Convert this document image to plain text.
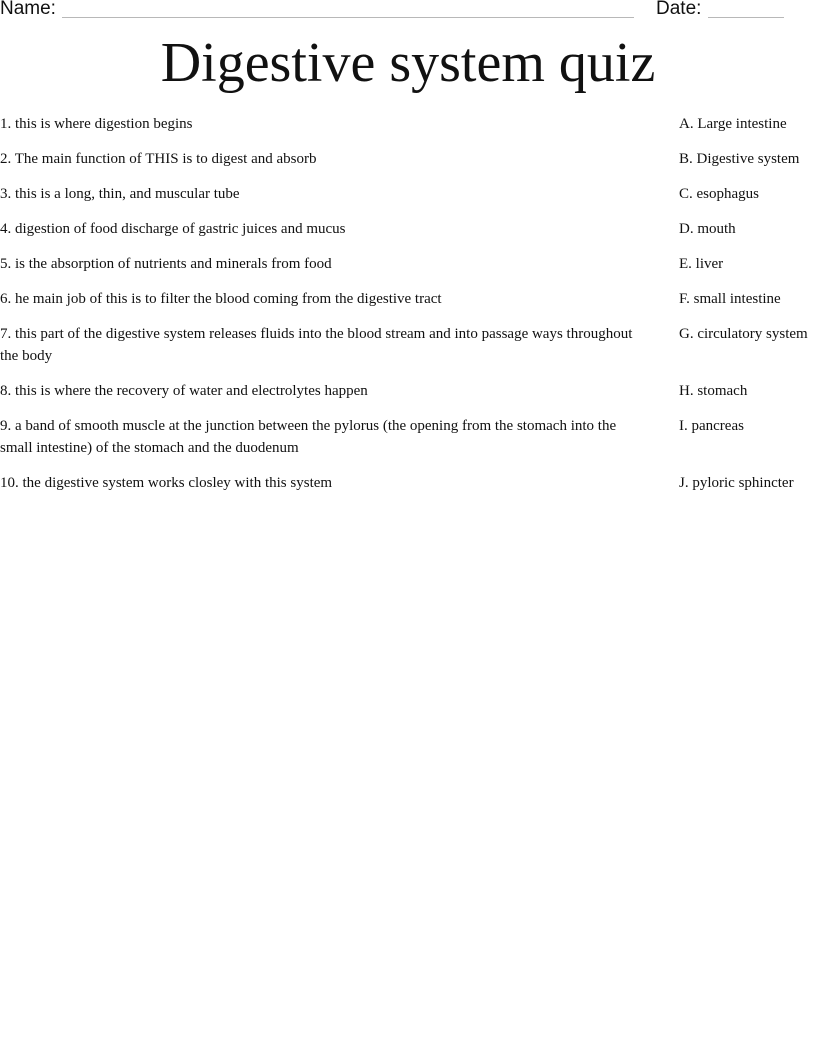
Name:	Date:
Digestive system quiz
1. this is where digestion begins	A. Large intestine
2. The main function of THIS is to digest and absorb	B. Digestive system
3. this is a long, thin, and muscular tube	C. esophagus
4. digestion of food discharge of gastric juices and mucus	D. mouth
5. is the absorption of nutrients and minerals from food	E. liver
6. he main job of this is to filter the blood coming from the digestive tract	F. small intestine
7. this part of the digestive system releases fluids into the blood stream and into passage ways throughout the body
G. circulatory system
8. this is where the recovery of water and electrolytes happen	H. stomach
9. a band of smooth muscle at the junction between the pylorus (the opening from the stomach into the small intestine) of the stomach and the duodenum
I. pancreas
10. the digestive system works closley with this system	J. pyloric sphincter
